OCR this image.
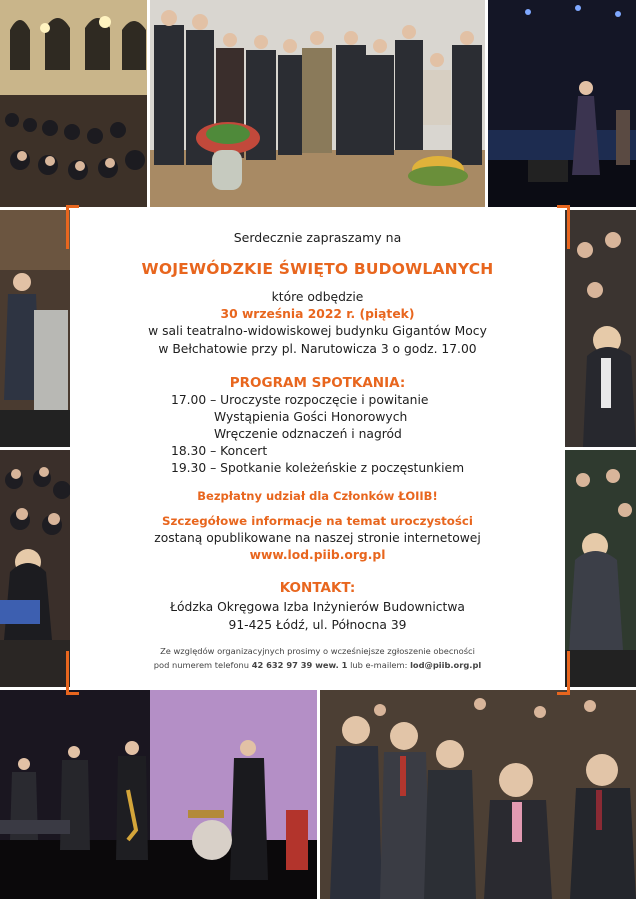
Serdecznie zapraszamy na
WOJEWÓDZKIE ŚWIĘTO BUDOWLANYCH
które odbędzie
30 września 2022 r. (piątek)
w sali teatralno-widowiskowej budynku Gigantów Mocy
w Bełchatowie przy pl. Narutowicza 3 o godz. 17.00
PROGRAM SPOTKANIA:
17.00 – Uroczyste rozpoczęcie i powitanie
Wystąpienia Gości Honorowych
Wręczenie odznaczeń i nagród
18.30 – Koncert
19.30 – Spotkanie koleżeńskie z poczęstunkiem
Bezpłatny udział dla Członków ŁOIIB!
Szczegółowe informacje na temat uroczystości
zostaną opublikowane na naszej stronie internetowej
www.lod.piib.org.pl
KONTAKT:
Łódzka Okręgowa Izba Inżynierów Budownictwa
91-425 Łódź, ul. Północna 39
Ze względów organizacyjnych prosimy o wcześniejsze zgłoszenie obecności
pod numerem telefonu 42 632 97 39 wew. 1 lub e-mailem: lod@piib.org.pl
